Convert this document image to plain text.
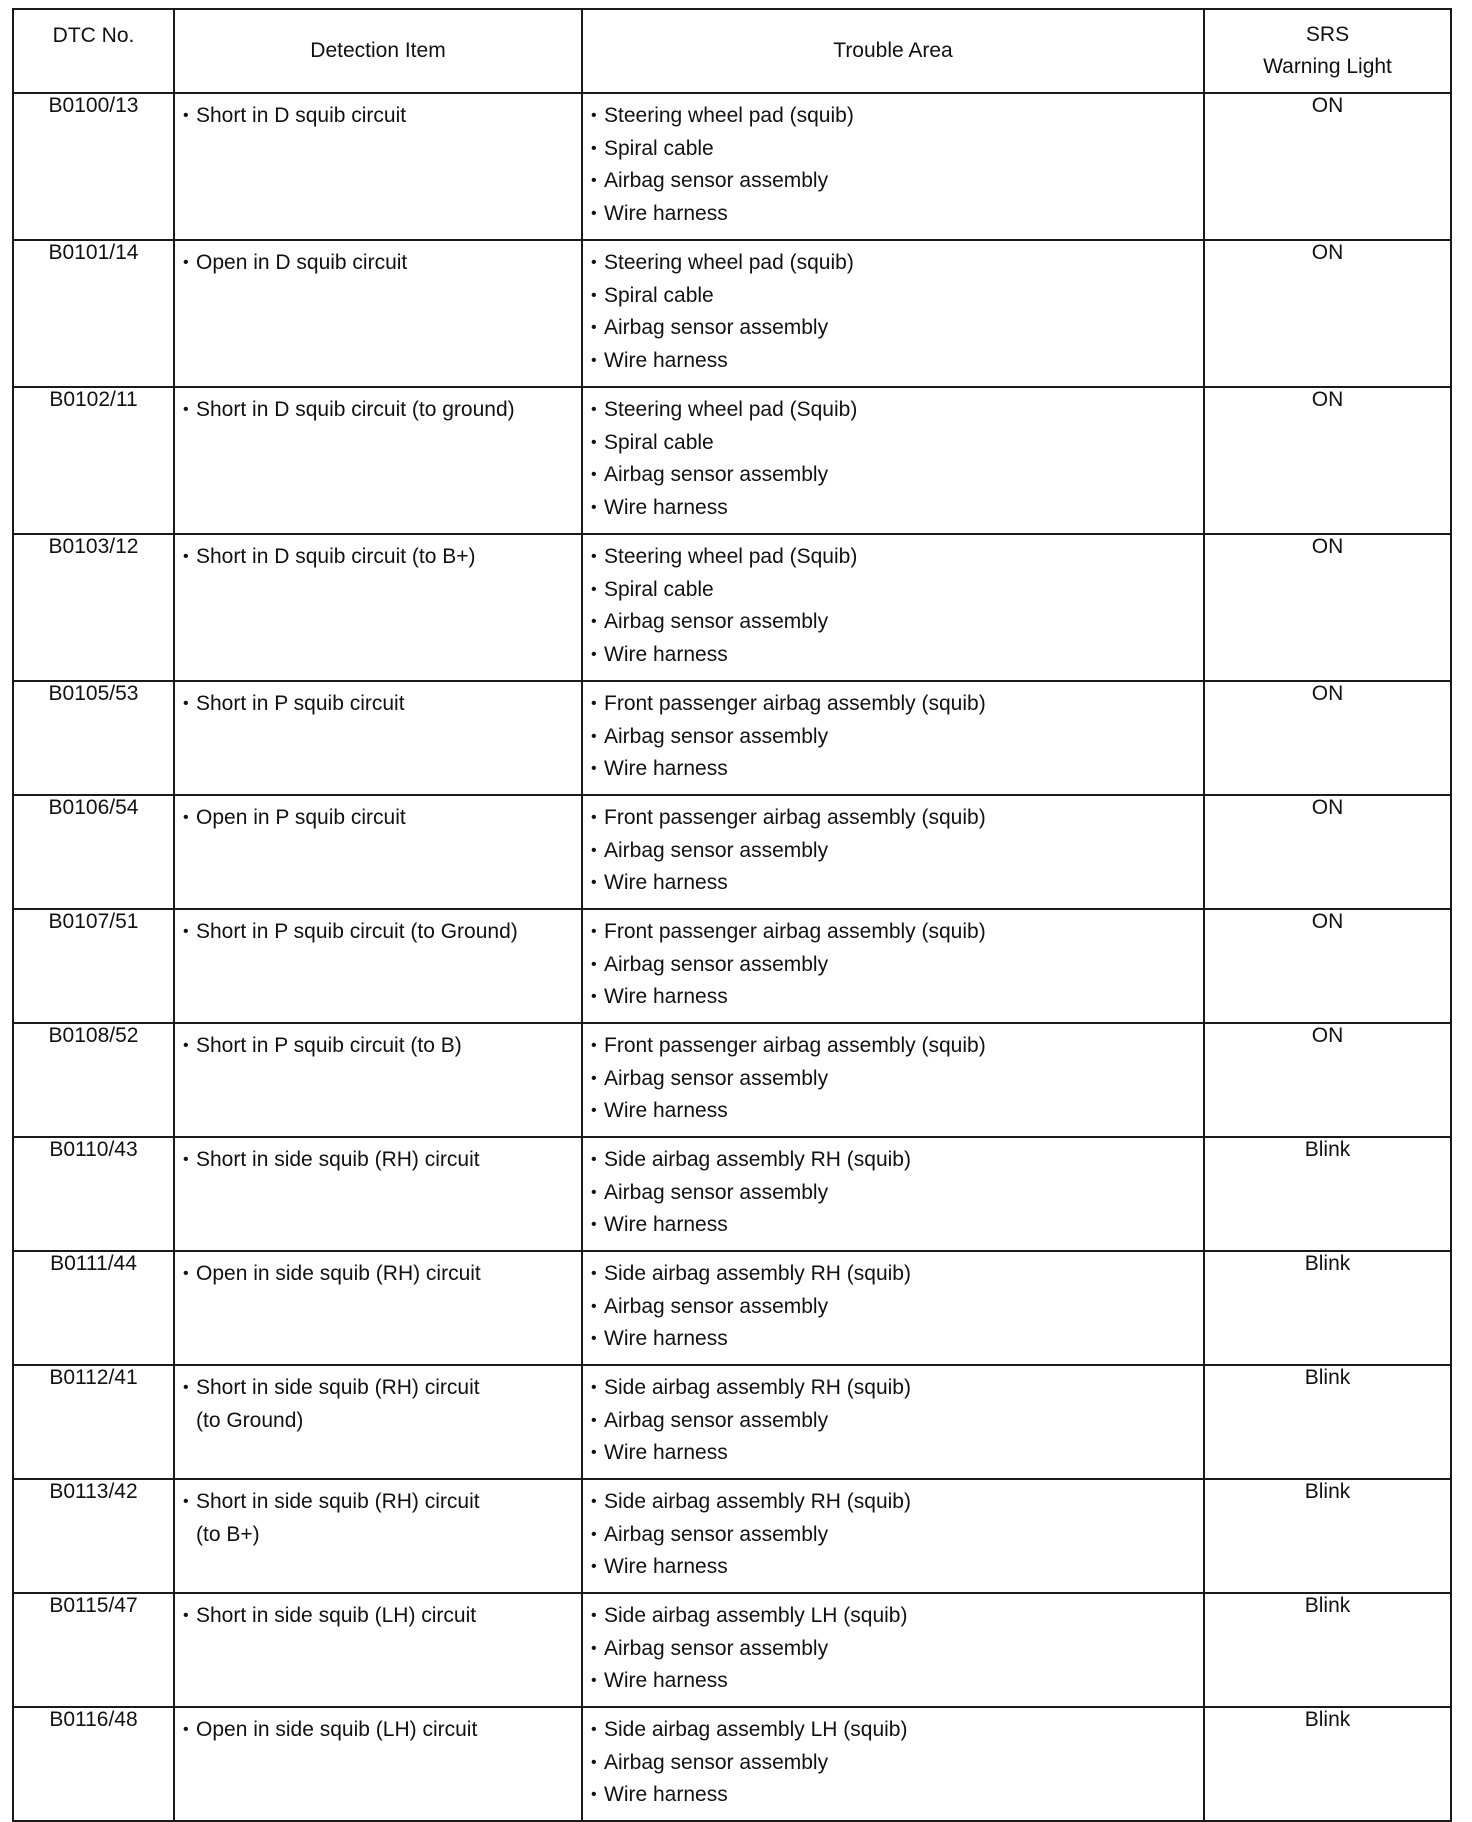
DTC No.	Detection Item	Trouble Area	SRS
Warning Light

B0100/13	• Short in D squib circuit	• Steering wheel pad (squib)
• Spiral cable
• Airbag sensor assembly
• Wire harness	ON
B0101/14	• Open in D squib circuit	• Steering wheel pad (squib)
• Spiral cable
• Airbag sensor assembly
• Wire harness	ON
B0102/11	• Short in D squib circuit (to ground)	• Steering wheel pad (Squib)
• Spiral cable
• Airbag sensor assembly
• Wire harness	ON
B0103/12	• Short in D squib circuit (to B+)	• Steering wheel pad (Squib)
• Spiral cable
• Airbag sensor assembly
• Wire harness	ON
B0105/53	• Short in P squib circuit	• Front passenger airbag assembly (squib)
• Airbag sensor assembly
• Wire harness	ON
B0106/54	• Open in P squib circuit	• Front passenger airbag assembly (squib)
• Airbag sensor assembly
• Wire harness	ON
B0107/51	• Short in P squib circuit (to Ground)	• Front passenger airbag assembly (squib)
• Airbag sensor assembly
• Wire harness	ON
B0108/52	• Short in P squib circuit (to B)	• Front passenger airbag assembly (squib)
• Airbag sensor assembly
• Wire harness	ON
B0110/43	• Short in side squib (RH) circuit	• Side airbag assembly RH (squib)
• Airbag sensor assembly
• Wire harness	Blink
B0111/44	• Open in side squib (RH) circuit	• Side airbag assembly RH (squib)
• Airbag sensor assembly
• Wire harness	Blink
B0112/41	• Short in side squib (RH) circuit
(to Ground)	• Side airbag assembly RH (squib)
• Airbag sensor assembly
• Wire harness	Blink
B0113/42	• Short in side squib (RH) circuit
(to B+)	• Side airbag assembly RH (squib)
• Airbag sensor assembly
• Wire harness	Blink
B0115/47	• Short in side squib (LH) circuit	• Side airbag assembly LH (squib)
• Airbag sensor assembly
• Wire harness	Blink
B0116/48	• Open in side squib (LH) circuit	• Side airbag assembly LH (squib)
• Airbag sensor assembly
• Wire harness	Blink
